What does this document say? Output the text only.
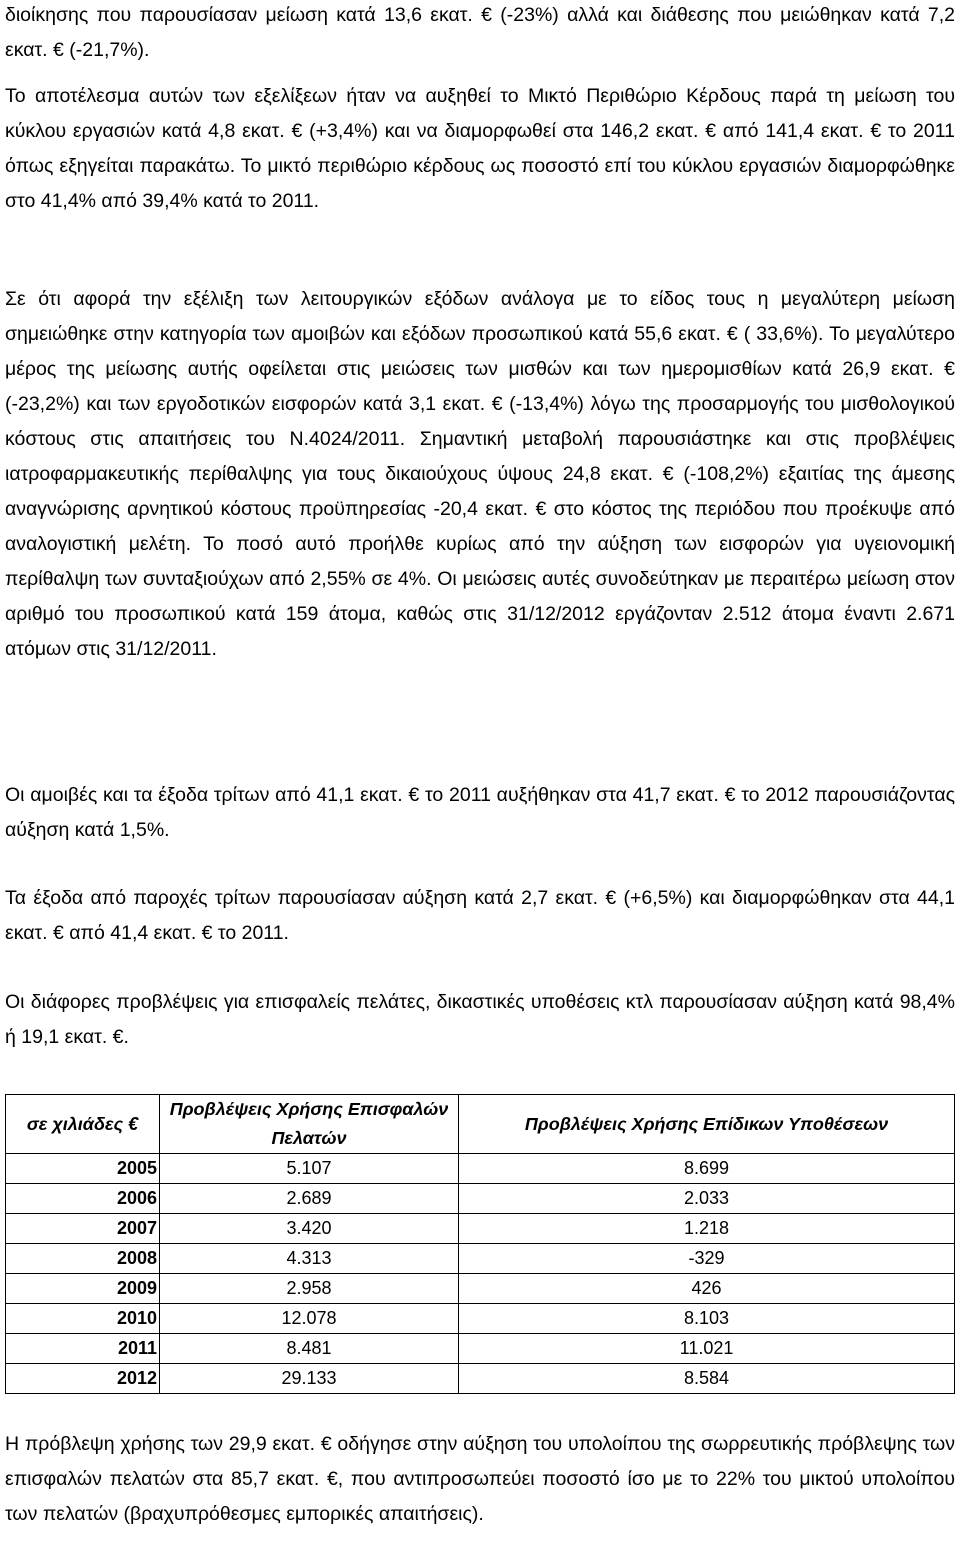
διοίκησης που παρουσίασαν μείωση κατά 13,6 εκατ. € (-23%) αλλά και διάθεσης που μειώθηκαν κατά 7,2 εκατ. € (-21,7%).

Το αποτέλεσμα αυτών των εξελίξεων ήταν να αυξηθεί το Μικτό Περιθώριο Κέρδους παρά τη μείωση του κύκλου εργασιών κατά 4,8 εκατ. € (+3,4%) και να διαμορφωθεί στα 146,2 εκατ. € από 141,4 εκατ. € το 2011 όπως εξηγείται παρακάτω. Το μικτό περιθώριο κέρδους ως ποσοστό επί του κύκλου εργασιών διαμορφώθηκε στο 41,4% από 39,4% κατά το 2011.

Σε ότι αφορά την εξέλιξη των λειτουργικών εξόδων ανάλογα με το είδος τους η μεγαλύτερη μείωση σημειώθηκε στην κατηγορία των αμοιβών και εξόδων προσωπικού κατά 55,6 εκατ. € ( 33,6%). Το μεγαλύτερο μέρος της μείωσης αυτής οφείλεται στις μειώσεις των μισθών και των ημερομισθίων κατά 26,9 εκατ. € (-23,2%) και των εργοδοτικών εισφορών κατά 3,1 εκατ. € (-13,4%) λόγω της προσαρμογής του μισθολογικού κόστους στις απαιτήσεις του Ν.4024/2011. Σημαντική μεταβολή παρουσιάστηκε και στις προβλέψεις ιατροφαρμακευτικής περίθαλψης για τους δικαιούχους ύψους 24,8 εκατ. € (-108,2%) εξαιτίας της άμεσης αναγνώρισης αρνητικού κόστους προϋπηρεσίας -20,4 εκατ. € στο κόστος της περιόδου που προέκυψε από αναλογιστική μελέτη. Το ποσό αυτό προήλθε κυρίως από την αύξηση των εισφορών για υγειονομική περίθαλψη των συνταξιούχων από 2,55% σε 4%. Οι μειώσεις αυτές συνοδεύτηκαν με περαιτέρω μείωση στον αριθμό του προσωπικού κατά 159 άτομα, καθώς στις 31/12/2012 εργάζονταν 2.512 άτομα έναντι 2.671 ατόμων στις 31/12/2011.

Οι αμοιβές και τα έξοδα τρίτων από 41,1 εκατ. € το 2011 αυξήθηκαν στα 41,7 εκατ. € το 2012 παρουσιάζοντας αύξηση κατά 1,5%.

Τα έξοδα από παροχές τρίτων παρουσίασαν αύξηση κατά 2,7 εκατ. € (+6,5%) και διαμορφώθηκαν στα 44,1 εκατ. € από 41,4 εκατ. € το 2011.

Οι διάφορες προβλέψεις για επισφαλείς πελάτες, δικαστικές υποθέσεις κτλ παρουσίασαν αύξηση κατά 98,4% ή 19,1 εκατ. €.

σε χιλιάδες €	Προβλέψεις Χρήσης Επισφαλών Πελατών	Προβλέψεις Χρήσης Επίδικων Υποθέσεων
2005	5.107	8.699
2006	2.689	2.033
2007	3.420	1.218
2008	4.313	-329
2009	2.958	426
2010	12.078	8.103
2011	8.481	11.021
2012	29.133	8.584

Η πρόβλεψη χρήσης των 29,9 εκατ. € οδήγησε στην αύξηση του υπολοίπου της σωρρευτικής πρόβλεψης των επισφαλών πελατών στα 85,7 εκατ. €, που αντιπροσωπεύει ποσοστό ίσο με το 22% του μικτού υπολοίπου των πελατών (βραχυπρόθεσμες εμπορικές απαιτήσεις).
